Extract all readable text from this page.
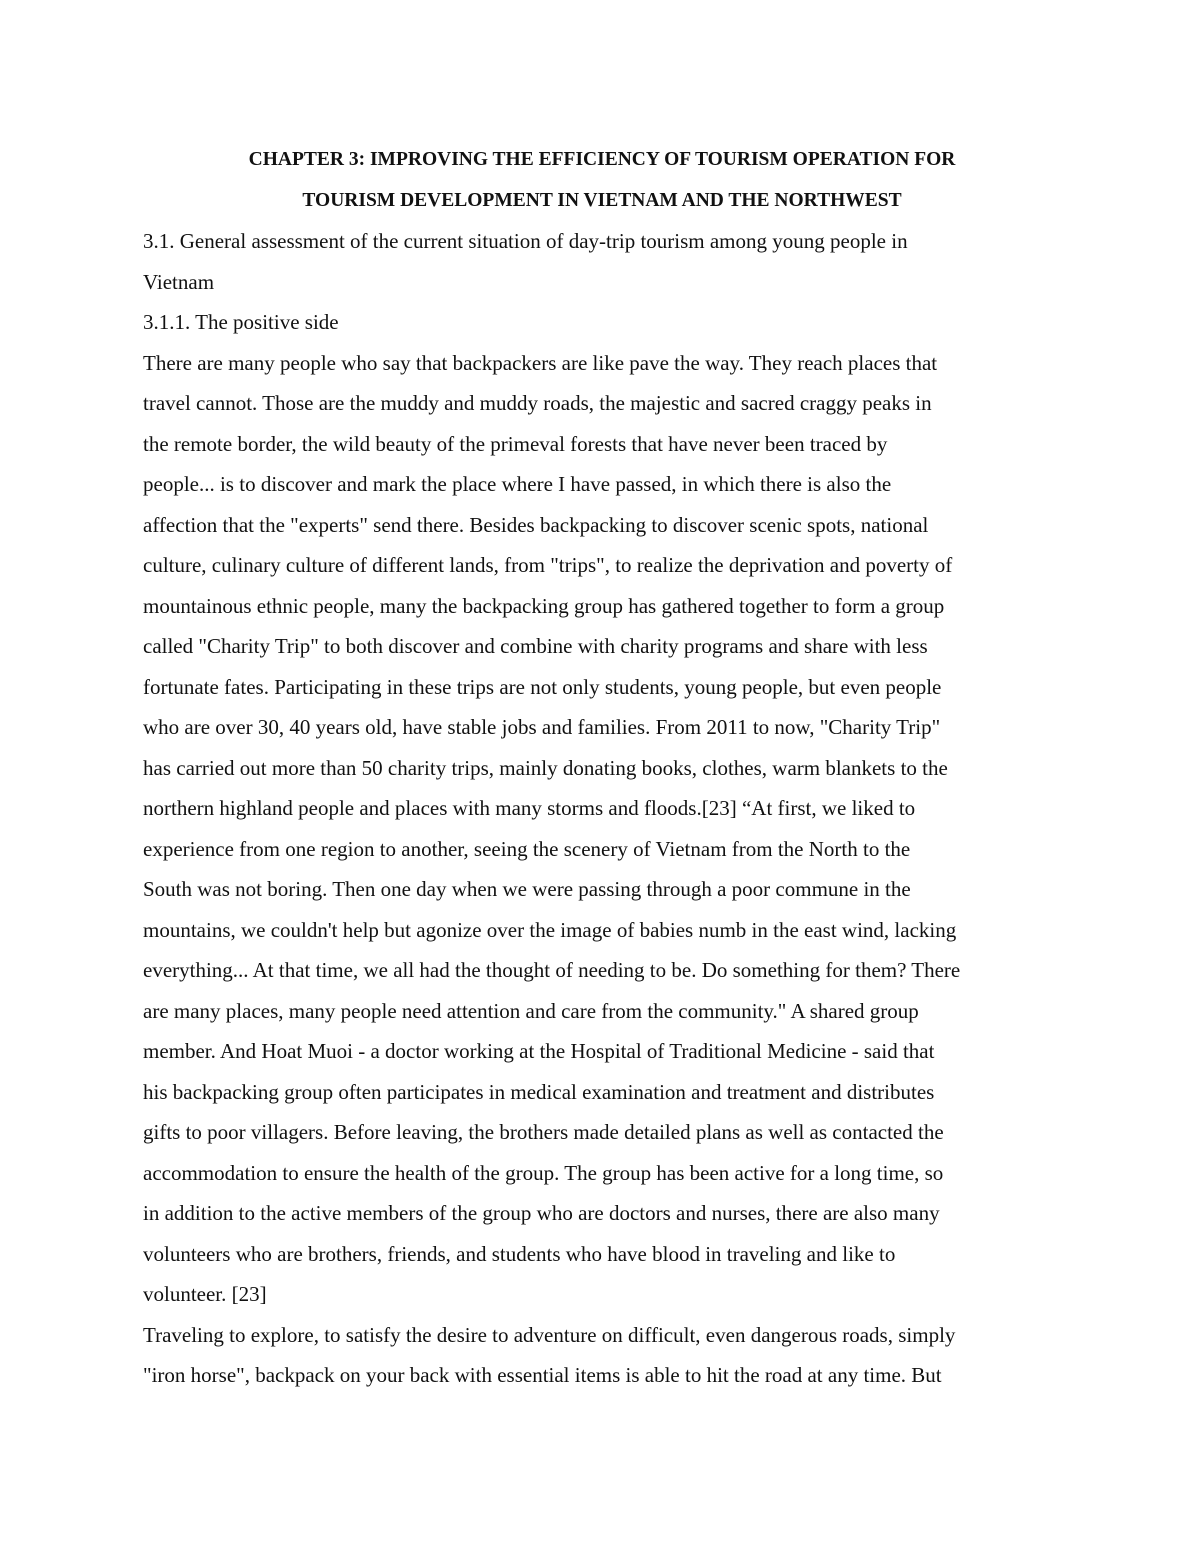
CHAPTER 3: IMPROVING THE EFFICIENCY OF TOURISM OPERATION FOR
TOURISM DEVELOPMENT IN VIETNAM AND THE NORTHWEST
3.1. General assessment of the current situation of day-trip tourism among young people in
Vietnam
3.1.1. The positive side
There are many people who say that backpackers are like pave the way. They reach places that
travel cannot. Those are the muddy and muddy roads, the majestic and sacred craggy peaks in
the remote border, the wild beauty of the primeval forests that have never been traced by
people... is to discover and mark the place where I have passed, in which there is also the
affection that the "experts" send there. Besides backpacking to discover scenic spots, national
culture, culinary culture of different lands, from "trips", to realize the deprivation and poverty of
mountainous ethnic people, many the backpacking group has gathered together to form a group
called "Charity Trip" to both discover and combine with charity programs and share with less
fortunate fates. Participating in these trips are not only students, young people, but even people
who are over 30, 40 years old, have stable jobs and families. From 2011 to now, "Charity Trip"
has carried out more than 50 charity trips, mainly donating books, clothes, warm blankets to the
northern highland people and places with many storms and floods.[23] “At first, we liked to
experience from one region to another, seeing the scenery of Vietnam from the North to the
South was not boring. Then one day when we were passing through a poor commune in the
mountains, we couldn't help but agonize over the image of babies numb in the east wind, lacking
everything... At that time, we all had the thought of needing to be. Do something for them? There
are many places, many people need attention and care from the community." A shared group
member. And Hoat Muoi - a doctor working at the Hospital of Traditional Medicine - said that
his backpacking group often participates in medical examination and treatment and distributes
gifts to poor villagers. Before leaving, the brothers made detailed plans as well as contacted the
accommodation to ensure the health of the group. The group has been active for a long time, so
in addition to the active members of the group who are doctors and nurses, there are also many
volunteers who are brothers, friends, and students who have blood in traveling and like to
volunteer. [23]
Traveling to explore, to satisfy the desire to adventure on difficult, even dangerous roads, simply
"iron horse", backpack on your back with essential items is able to hit the road at any time. But
